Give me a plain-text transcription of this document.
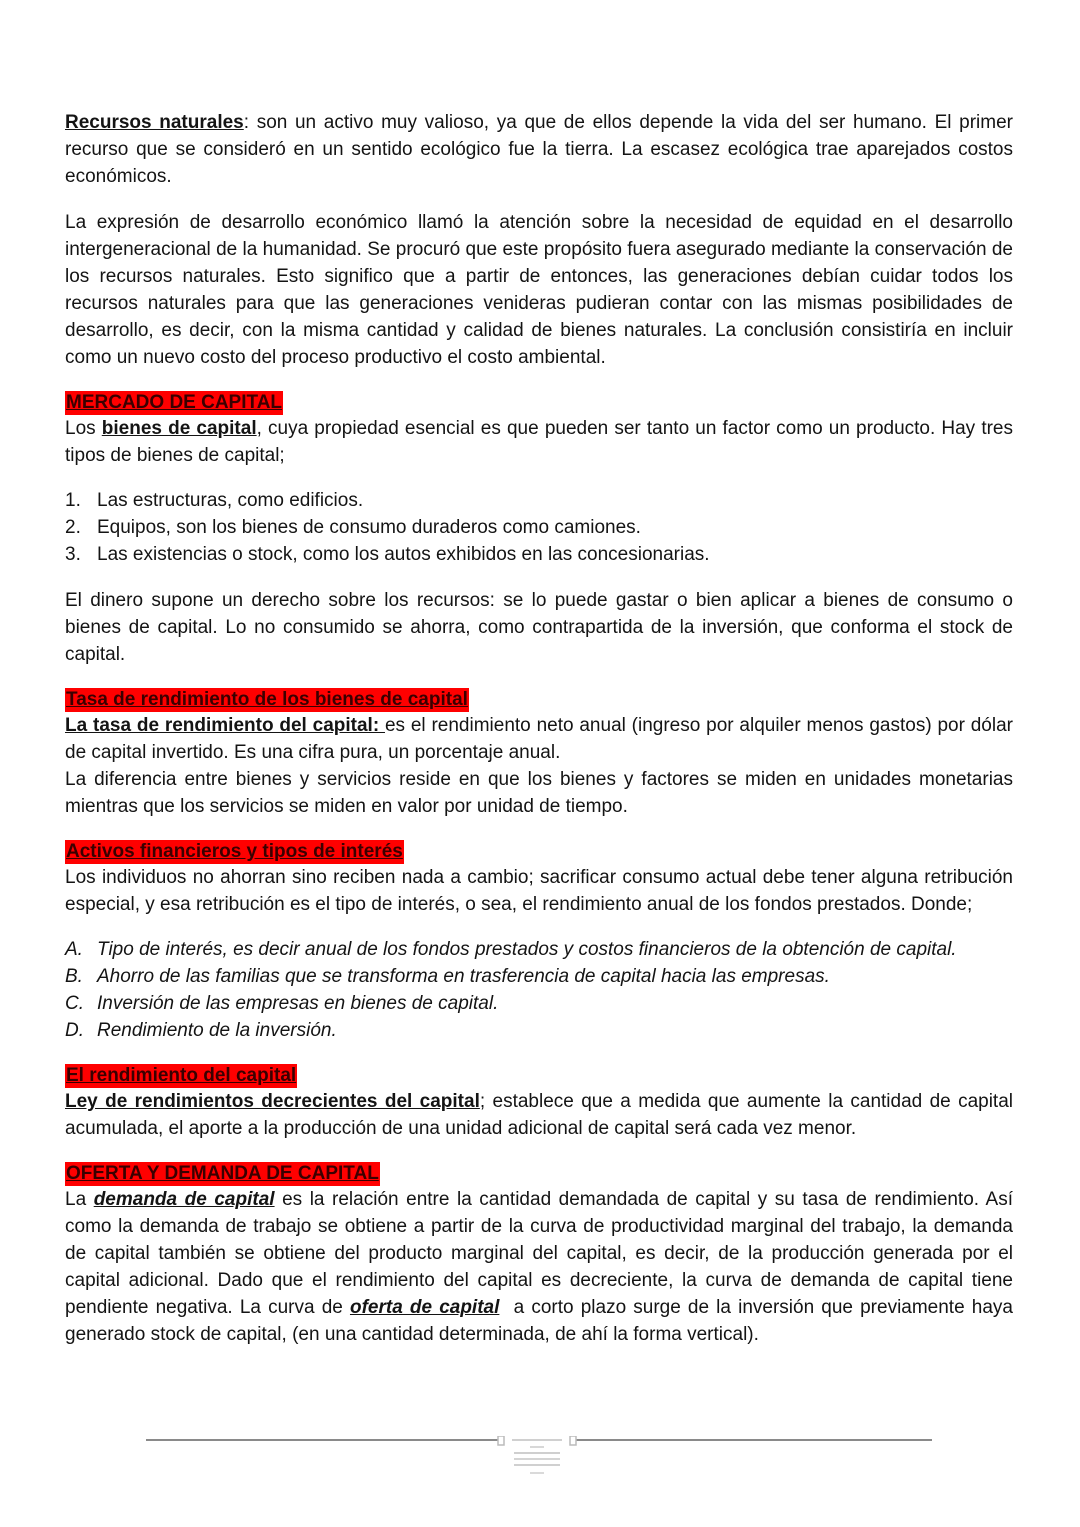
Recursos naturales: son un activo muy valioso, ya que de ellos depende la vida del ser humano. El primer recurso que se consideró en un sentido ecológico fue la tierra. La escasez ecológica trae aparejados costos económicos.

La expresión de desarrollo económico llamó la atención sobre la necesidad de equidad en el desarrollo intergeneracional de la humanidad. Se procuró que este propósito fuera asegurado mediante la conservación de los recursos naturales. Esto significo que a partir de entonces, las generaciones debían cuidar todos los recursos naturales para que las generaciones venideras pudieran contar con las mismas posibilidades de desarrollo, es decir, con la misma cantidad y calidad de bienes naturales. La conclusión consistiría en incluir como un nuevo costo del proceso productivo el costo ambiental.

MERCADO DE CAPITAL

Los bienes de capital, cuya propiedad esencial es que pueden ser tanto un factor como un producto. Hay tres tipos de bienes de capital;

1. Las estructuras, como edificios.
2. Equipos, son los bienes de consumo duraderos como camiones.
3. Las existencias o stock, como los autos exhibidos en las concesionarias.

El dinero supone un derecho sobre los recursos: se lo puede gastar o bien aplicar a bienes de consumo o bienes de capital. Lo no consumido se ahorra, como contrapartida de la inversión, que conforma el stock de capital.

Tasa de rendimiento de los bienes de capital

La tasa de rendimiento del capital: es el rendimiento neto anual (ingreso por alquiler menos gastos) por dólar de capital invertido. Es una cifra pura, un porcentaje anual.

La diferencia entre bienes y servicios reside en que los bienes y factores se miden en unidades monetarias mientras que los servicios se miden en valor por unidad de tiempo.

Activos financieros y tipos de interés

Los individuos no ahorran sino reciben nada a cambio; sacrificar consumo actual debe tener alguna retribución especial, y esa retribución es el tipo de interés, o sea, el rendimiento anual de los fondos prestados. Donde;

A. Tipo de interés, es decir anual de los fondos prestados y costos financieros de la obtención de capital.
B. Ahorro de las familias que se transforma en trasferencia de capital hacia las empresas.
C. Inversión de las empresas en bienes de capital.
D. Rendimiento de la inversión.
El rendimiento del capital

Ley de rendimientos decrecientes del capital; establece que a medida que aumente la cantidad de capital acumulada, el aporte a la producción de una unidad adicional de capital será cada vez menor.

OFERTA Y DEMANDA DE CAPITAL

La demanda de capital es la relación entre la cantidad demandada de capital y su tasa de rendimiento. Así como la demanda de trabajo se obtiene a partir de la curva de productividad marginal del trabajo, la demanda de capital también se obtiene del producto marginal del capital, es decir, de la producción generada por el capital adicional. Dado que el rendimiento del capital es decreciente, la curva de demanda de capital tiene pendiente negativa. La curva de oferta de capital  a corto plazo surge de la inversión que previamente haya generado stock de capital, (en una cantidad determinada, de ahí la forma vertical).
